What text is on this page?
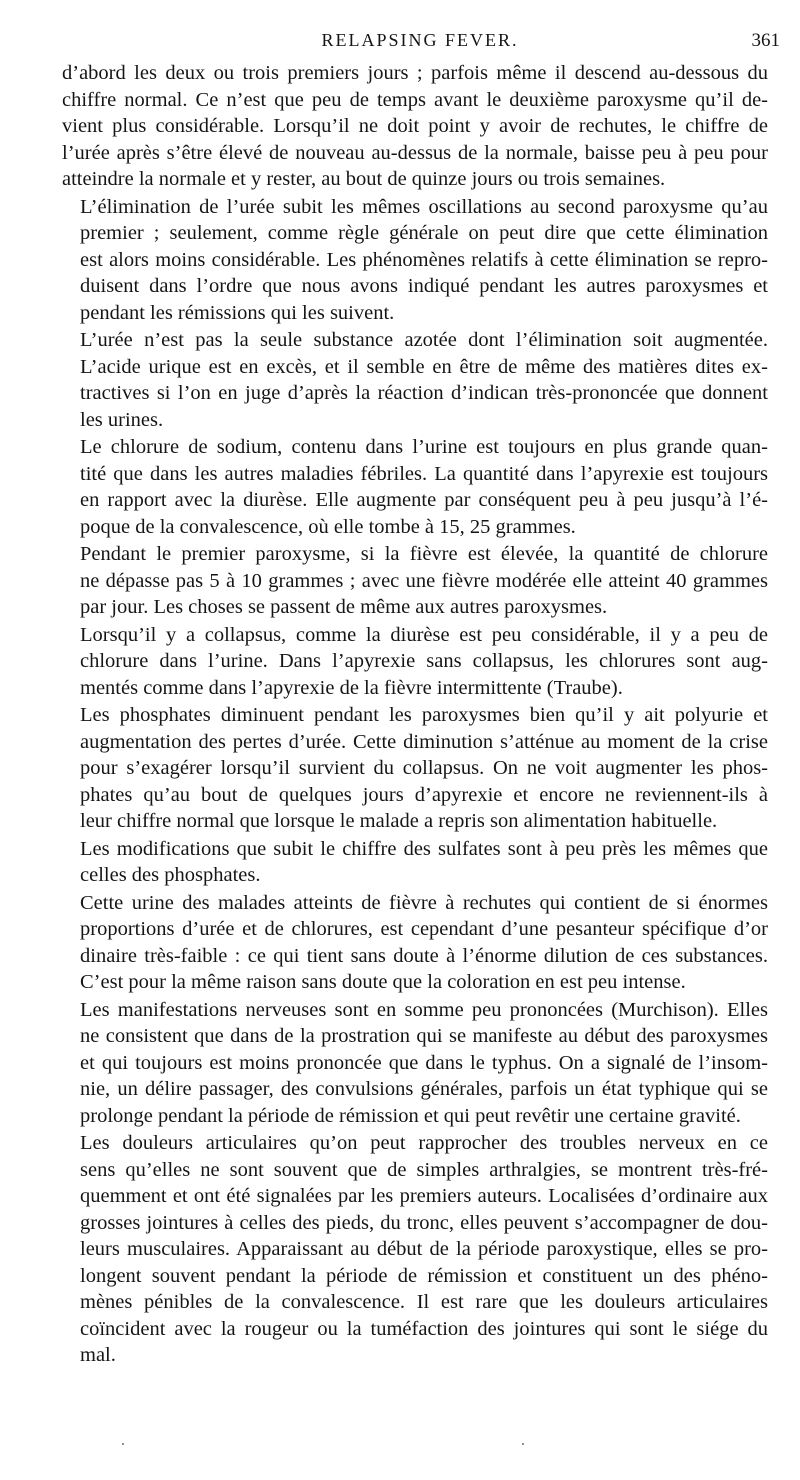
RELAPSING FEVER.	361

d’abord les deux ou trois premiers jours ; parfois même il descend au-dessous du
chiffre normal. Ce n’est que peu de temps avant le deuxième paroxysme qu’il de-
vient plus considérable. Lorsqu’il ne doit point y avoir de rechutes, le chiffre de
l’urée après s’être élevé de nouveau au-dessus de la normale, baisse peu à peu pour
atteindre la normale et y rester, au bout de quinze jours ou trois semaines.

L’élimination de l’urée subit les mêmes oscillations au second paroxysme qu’au
premier ; seulement, comme règle générale on peut dire que cette élimination
est alors moins considérable. Les phénomènes relatifs à cette élimination se repro-
duisent dans l’ordre que nous avons indiqué pendant les autres paroxysmes et
pendant les rémissions qui les suivent.

L’urée n’est pas la seule substance azotée dont l’élimination soit augmentée.
L’acide urique est en excès, et il semble en être de même des matières dites ex-
tractives si l’on en juge d’après la réaction d’indican très-prononcée que donnent
les urines.

Le chlorure de sodium, contenu dans l’urine est toujours en plus grande quan-
tité que dans les autres maladies fébriles. La quantité dans l’apyrexie est toujours
en rapport avec la diurèse. Elle augmente par conséquent peu à peu jusqu’à l’é-
poque de la convalescence, où elle tombe à 15, 25 grammes.

Pendant le premier paroxysme, si la fièvre est élevée, la quantité de chlorure
ne dépasse pas 5 à 10 grammes ; avec une fièvre modérée elle atteint 40 grammes
par jour. Les choses se passent de même aux autres paroxysmes.

Lorsqu’il y a collapsus, comme la diurèse est peu considérable, il y a peu de
chlorure dans l’urine. Dans l’apyrexie sans collapsus, les chlorures sont aug-
mentés comme dans l’apyrexie de la fièvre intermittente (Traube).

Les phosphates diminuent pendant les paroxysmes bien qu’il y ait polyurie et
augmentation des pertes d’urée. Cette diminution s’atténue au moment de la crise
pour s’exagérer lorsqu’il survient du collapsus. On ne voit augmenter les phos-
phates qu’au bout de quelques jours d’apyrexie et encore ne reviennent-ils à
leur chiffre normal que lorsque le malade a repris son alimentation habituelle.

Les modifications que subit le chiffre des sulfates sont à peu près les mêmes que
celles des phosphates.

Cette urine des malades atteints de fièvre à rechutes qui contient de si énormes
proportions d’urée et de chlorures, est cependant d’une pesanteur spécifique d’or
dinaire très-faible : ce qui tient sans doute à l’énorme dilution de ces substances.
C’est pour la même raison sans doute que la coloration en est peu intense.

Les manifestations nerveuses sont en somme peu prononcées (Murchison). Elles
ne consistent que dans de la prostration qui se manifeste au début des paroxysmes
et qui toujours est moins prononcée que dans le typhus. On a signalé de l’insom-
nie, un délire passager, des convulsions générales, parfois un état typhique qui se
prolonge pendant la période de rémission et qui peut revêtir une certaine gravité.

Les douleurs articulaires qu’on peut rapprocher des troubles nerveux en ce
sens qu’elles ne sont souvent que de simples arthralgies, se montrent très-fré-
quemment et ont été signalées par les premiers auteurs. Localisées d’ordinaire aux
grosses jointures à celles des pieds, du tronc, elles peuvent s’accompagner de dou-
leurs musculaires. Apparaissant au début de la période paroxystique, elles se pro-
longent souvent pendant la période de rémission et constituent un des phéno-
mènes pénibles de la convalescence. Il est rare que les douleurs articulaires
coïncident avec la rougeur ou la tuméfaction des jointures qui sont le siége du
mal.
